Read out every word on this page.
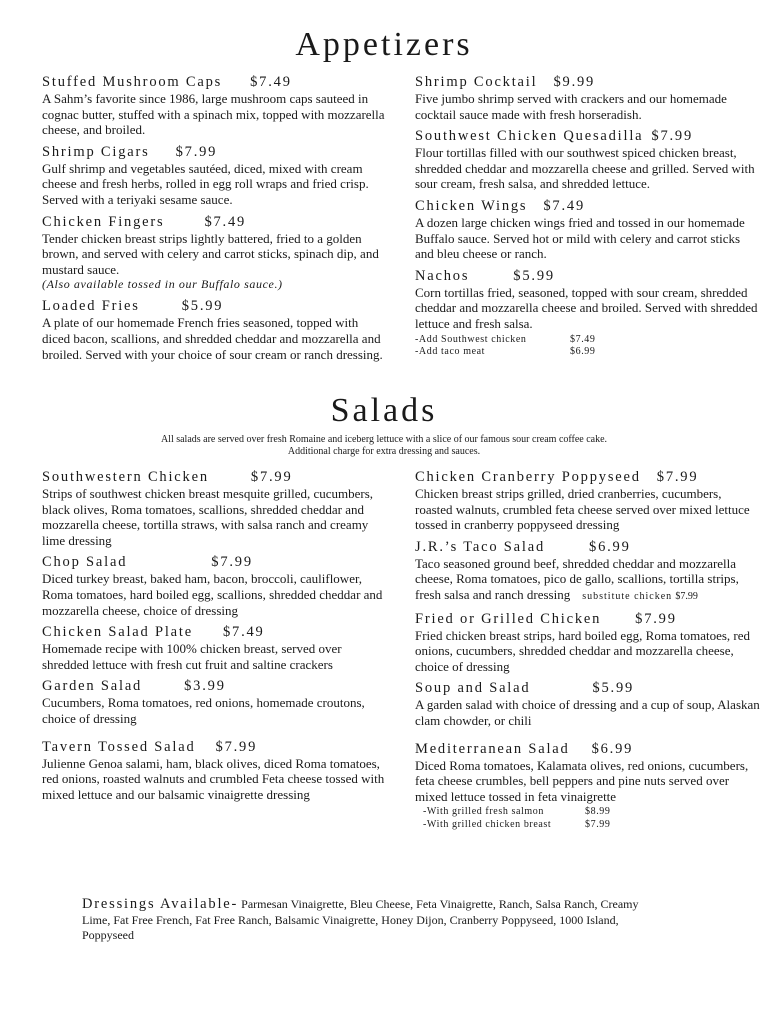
Appetizers
Stuffed Mushroom Caps $7.49
A Sahm’s favorite since 1986, large mushroom caps sauteed in cognac butter, stuffed with a spinach mix, topped with mozzarella cheese, and broiled.
Shrimp Cigars $7.99
Gulf shrimp and vegetables sautéed, diced, mixed with cream cheese and fresh herbs, rolled in egg roll wraps and fried crisp. Served with a teriyaki sesame sauce.
Chicken Fingers	$7.49
Tender chicken breast strips lightly battered, fried to a golden brown, and served with celery and carrot sticks, spinach dip, and mustard sauce.
(Also available tossed in our Buffalo sauce.)
Loaded Fries	$5.99
A plate of our homemade French fries seasoned, topped with diced bacon, scallions, and shredded cheddar and mozzarella and broiled. Served with your choice of sour cream or ranch dressing.
Shrimp Cocktail $9.99
Five jumbo shrimp served with crackers and our homemade cocktail sauce made with fresh horseradish.
Southwest Chicken Quesadilla $7.99
Flour tortillas filled with our southwest spiced chicken breast, shredded cheddar and mozzarella cheese and grilled. Served with sour cream, fresh salsa, and shredded lettuce.
Chicken Wings $7.49
A dozen large chicken wings fried and tossed in our homemade Buffalo sauce. Served hot or mild with celery and carrot sticks and bleu cheese or ranch.
Nachos	$5.99
Corn tortillas fried, seasoned, topped with sour cream, shredded cheddar and mozzarella cheese and broiled. Served with shredded lettuce and fresh salsa.
-Add Southwest chicken	$7.49
-Add taco meat	$6.99
Salads
All salads are served over fresh Romaine and iceberg lettuce with a slice of our famous sour cream coffee cake.
Additional charge for extra dressing and sauces.
Southwestern Chicken	$7.99
Strips of southwest chicken breast mesquite grilled, cucumbers, black olives, Roma tomatoes, scallions, shredded cheddar and mozzarella cheese, tortilla straws, with salsa ranch and creamy lime dressing
Chop Salad	$7.99
Diced turkey breast, baked ham, bacon, broccoli, cauliflower, Roma tomatoes, hard boiled egg, scallions, shredded cheddar and mozzarella cheese, choice of dressing
Chicken Salad Plate $7.49
Homemade recipe with 100% chicken breast, served over shredded lettuce with fresh cut fruit and saltine crackers
Garden Salad	$3.99
Cucumbers, Roma tomatoes, red onions, homemade croutons, choice of dressing
Tavern Tossed Salad $7.99
Julienne Genoa salami, ham, black olives, diced Roma tomatoes, red onions, roasted walnuts and crumbled Feta cheese tossed with mixed lettuce and our balsamic vinaigrette dressing
Chicken Cranberry Poppyseed $7.99
Chicken breast strips grilled, dried cranberries, cucumbers, roasted walnuts, crumbled feta cheese served over mixed lettuce tossed in cranberry poppyseed dressing
J.R.’s Taco Salad	$6.99
Taco seasoned ground beef, shredded cheddar and mozzarella cheese, Roma tomatoes, pico de gallo, scallions, tortilla strips, fresh salsa and ranch dressing substitute chicken $7.99
Fried or Grilled Chicken $7.99
Fried chicken breast strips, hard boiled egg, Roma tomatoes, red onions, cucumbers, shredded cheddar and mozzarella cheese, choice of dressing
Soup and Salad	$5.99
A garden salad with choice of dressing and a cup of soup, Alaskan clam chowder, or chili
Mediterranean Salad $6.99
Diced Roma tomatoes, Kalamata olives, red onions, cucumbers, feta cheese crumbles, bell peppers and pine nuts served over mixed lettuce tossed in feta vinaigrette
-With grilled fresh salmon	$8.99
-With grilled chicken breast	$7.99
Dressings Available- Parmesan Vinaigrette, Bleu Cheese, Feta Vinaigrette, Ranch, Salsa Ranch, Creamy Lime, Fat Free French, Fat Free Ranch, Balsamic Vinaigrette, Honey Dijon, Cranberry Poppyseed, 1000 Island, Poppyseed
